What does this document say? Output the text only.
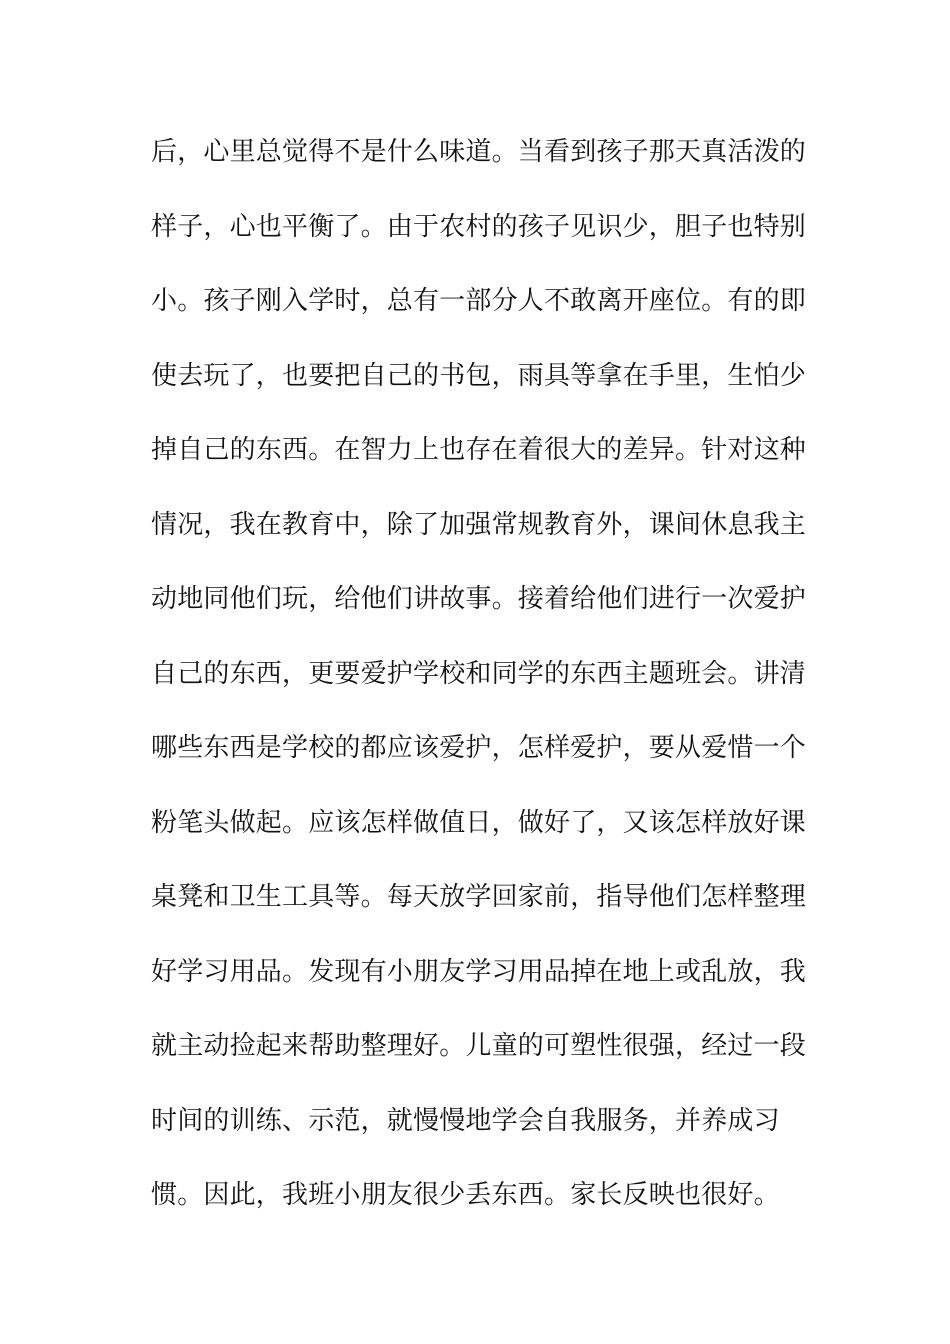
后，心里总觉得不是什么味道。当看到孩子那天真活泼的
样子，心也平衡了。由于农村的孩子见识少，胆子也特别
小。孩子刚入学时，总有一部分人不敢离开座位。有的即
使去玩了，也要把自己的书包，雨具等拿在手里，生怕少
掉自己的东西。在智力上也存在着很大的差异。针对这种
情况，我在教育中，除了加强常规教育外，课间休息我主
动地同他们玩，给他们讲故事。接着给他们进行一次爱护
自己的东西，更要爱护学校和同学的东西主题班会。讲清
哪些东西是学校的都应该爱护，怎样爱护，要从爱惜一个
粉笔头做起。应该怎样做值日，做好了，又该怎样放好课
桌凳和卫生工具等。每天放学回家前，指导他们怎样整理
好学习用品。发现有小朋友学习用品掉在地上或乱放，我
就主动捡起来帮助整理好。儿童的可塑性很强，经过一段
时间的训练、示范，就慢慢地学会自我服务，并养成习
惯。因此，我班小朋友很少丢东西。家长反映也很好。
